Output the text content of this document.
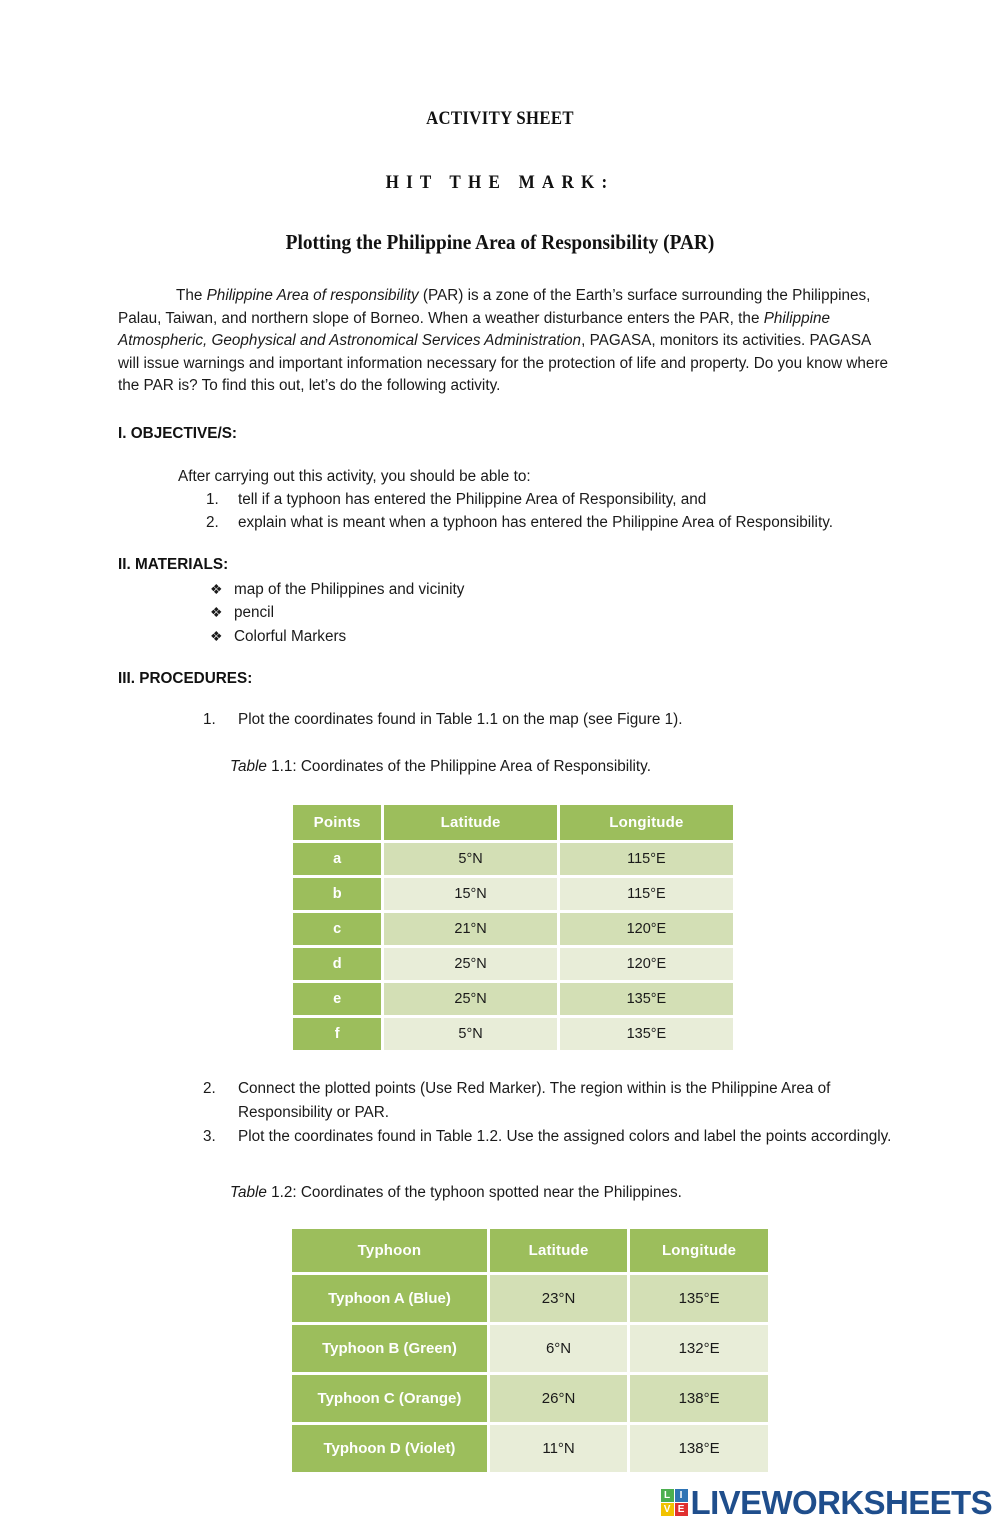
ACTIVITY SHEET
HIT THE MARK:
Plotting the Philippine Area of Responsibility (PAR)

The Philippine Area of responsibility (PAR) is a zone of the Earth’s surface surrounding the Philippines, Palau, Taiwan, and northern slope of Borneo. When a weather disturbance enters the PAR, the Philippine Atmospheric, Geophysical and Astronomical Services Administration, PAGASA, monitors its activities. PAGASA will issue warnings and important information necessary for the protection of life and property. Do you know where the PAR is? To find this out, let’s do the following activity.

I. OBJECTIVE/S:
After carrying out this activity, you should be able to:
1. tell if a typhoon has entered the Philippine Area of Responsibility, and
2. explain what is meant when a typhoon has entered the Philippine Area of Responsibility.
II. MATERIALS:
❖ map of the Philippines and vicinity
❖ pencil
❖ Colorful Markers
III. PROCEDURES:
1. Plot the coordinates found in Table 1.1 on the map (see Figure 1).
Table 1.1: Coordinates of the Philippine Area of Responsibility.
Points	Latitude	Longitude
a	5°N	115°E
b	15°N	115°E
c	21°N	120°E
d	25°N	120°E
e	25°N	135°E
f	5°N	135°E
2. Connect the plotted points (Use Red Marker). The region within is the Philippine Area of Responsibility or PAR.
3. Plot the coordinates found in Table 1.2. Use the assigned colors and label the points accordingly.
Table 1.2: Coordinates of the typhoon spotted near the Philippines.
Typhoon	Latitude	Longitude
Typhoon A (Blue)	23°N	135°E
Typhoon B (Green)	6°N	132°E
Typhoon C (Orange)	26°N	138°E
Typhoon D (Violet)	11°N	138°E
L I
V E LIVEWORKSHEETS
